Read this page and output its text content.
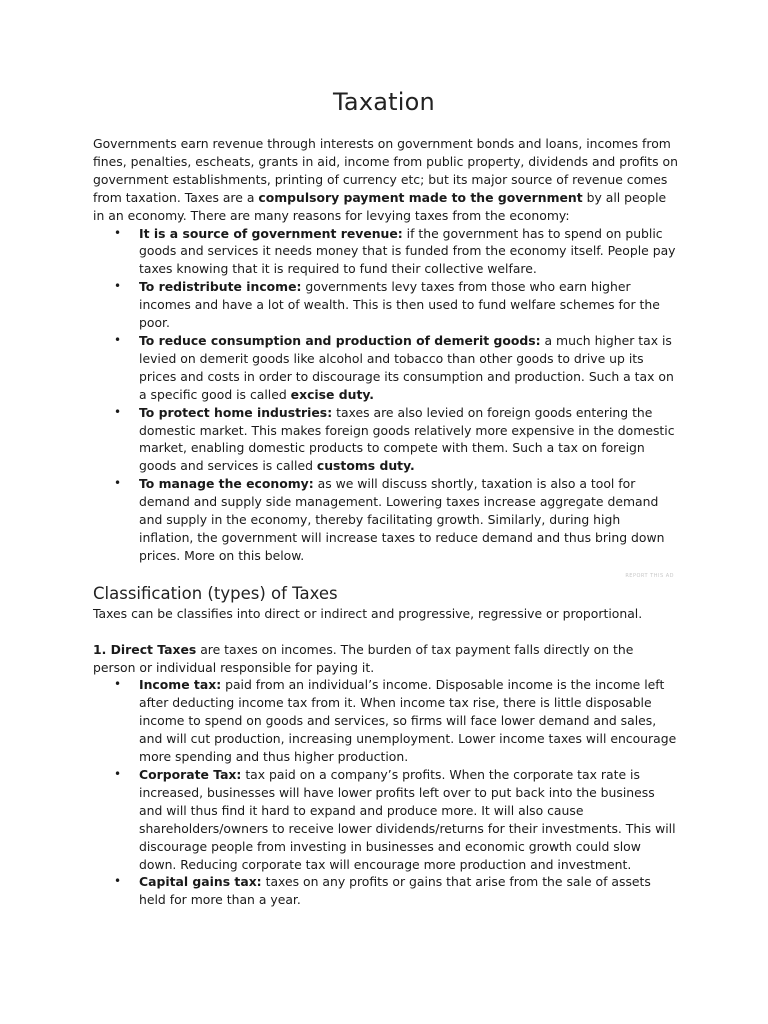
Taxation

Governments earn revenue through interests on government bonds and loans, incomes from fines, penalties, escheats, grants in aid, income from public property, dividends and profits on government establishments, printing of currency etc; but its major source of revenue comes from taxation. Taxes are a compulsory payment made to the government by all people in an economy. There are many reasons for levying taxes from the economy:

• It is a source of government revenue: if the government has to spend on public goods and services it needs money that is funded from the economy itself. People pay taxes knowing that it is required to fund their collective welfare.
• To redistribute income: governments levy taxes from those who earn higher incomes and have a lot of wealth. This is then used to fund welfare schemes for the poor.
• To reduce consumption and production of demerit goods: a much higher tax is levied on demerit goods like alcohol and tobacco than other goods to drive up its prices and costs in order to discourage its consumption and production. Such a tax on a specific good is called excise duty.
• To protect home industries: taxes are also levied on foreign goods entering the domestic market. This makes foreign goods relatively more expensive in the domestic market, enabling domestic products to compete with them. Such a tax on foreign goods and services is called customs duty.
• To manage the economy: as we will discuss shortly, taxation is also a tool for demand and supply side management. Lowering taxes increase aggregate demand and supply in the economy, thereby facilitating growth. Similarly, during high inflation, the government will increase taxes to reduce demand and thus bring down prices. More on this below.
REPORT THIS AD
Classification (types) of Taxes

Taxes can be classifies into direct or indirect and progressive, regressive or proportional.

1. Direct Taxes are taxes on incomes. The burden of tax payment falls directly on the person or individual responsible for paying it.

• Income tax: paid from an individual’s income. Disposable income is the income left after deducting income tax from it. When income tax rise, there is little disposable income to spend on goods and services, so firms will face lower demand and sales, and will cut production, increasing unemployment. Lower income taxes will encourage more spending and thus higher production.
• Corporate Tax: tax paid on a company’s profits. When the corporate tax rate is increased, businesses will have lower profits left over to put back into the business and will thus find it hard to expand and produce more. It will also cause shareholders/owners to receive lower dividends/returns for their investments. This will discourage people from investing in businesses and economic growth could slow down. Reducing corporate tax will encourage more production and investment.
• Capital gains tax: taxes on any profits or gains that arise from the sale of assets held for more than a year.
